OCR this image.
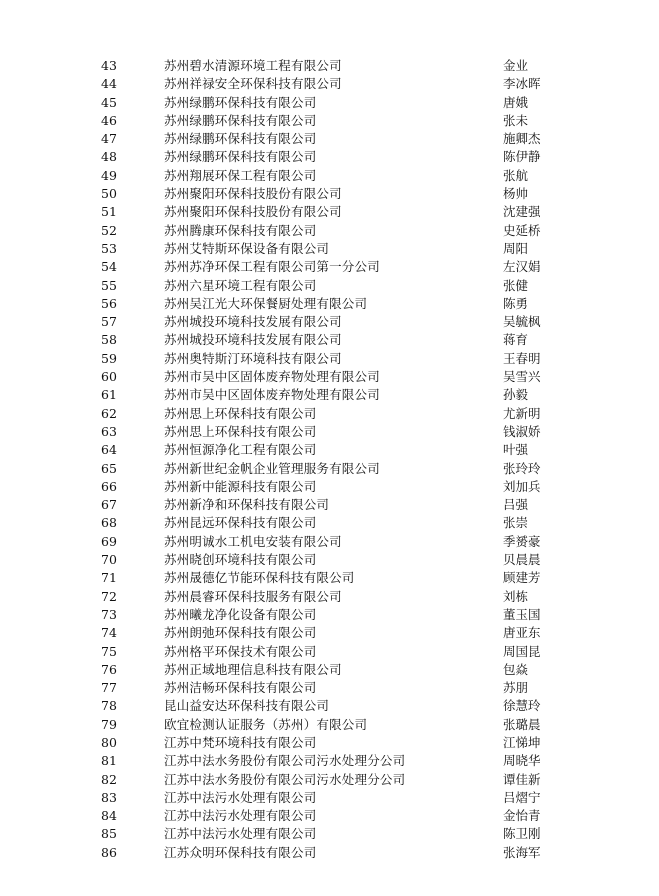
43	苏州碧水清源环境工程有限公司	金业
44	苏州祥禄安全环保科技有限公司	李冰晖
45	苏州绿鹏环保科技有限公司	唐娥
46	苏州绿鹏环保科技有限公司	张未
47	苏州绿鹏环保科技有限公司	施卿杰
48	苏州绿鹏环保科技有限公司	陈伊静
49	苏州翔展环保工程有限公司	张航
50	苏州聚阳环保科技股份有限公司	杨帅
51	苏州聚阳环保科技股份有限公司	沈建强
52	苏州腾康环保科技有限公司	史延桥
53	苏州艾特斯环保设备有限公司	周阳
54	苏州苏净环保工程有限公司第一分公司	左汉娟
55	苏州六星环境工程有限公司	张健
56	苏州吴江光大环保餐厨处理有限公司	陈勇
57	苏州城投环境科技发展有限公司	吴毓枫
58	苏州城投环境科技发展有限公司	蒋育
59	苏州奥特斯汀环境科技有限公司	王春明
60	苏州市吴中区固体废弃物处理有限公司	吴雪兴
61	苏州市吴中区固体废弃物处理有限公司	孙毅
62	苏州思上环保科技有限公司	尤新明
63	苏州思上环保科技有限公司	钱淑娇
64	苏州恒源净化工程有限公司	叶强
65	苏州新世纪金帆企业管理服务有限公司	张玲玲
66	苏州新中能源科技有限公司	刘加兵
67	苏州新净和环保科技有限公司	吕强
68	苏州昆远环保科技有限公司	张崇
69	苏州明诚水工机电安装有限公司	季赟豪
70	苏州晓创环境科技有限公司	贝晨晨
71	苏州晟德亿节能环保科技有限公司	顾建芳
72	苏州晨睿环保科技服务有限公司	刘栋
73	苏州曦龙净化设备有限公司	董玉国
74	苏州朗弛环保科技有限公司	唐亚东
75	苏州格平环保技术有限公司	周国昆
76	苏州正域地理信息科技有限公司	包焱
77	苏州洁畅环保科技有限公司	苏朋
78	昆山益安达环保科技有限公司	徐慧玲
79	欧宜检测认证服务（苏州）有限公司	张璐晨
80	江苏中梵环境科技有限公司	江悌坤
81	江苏中法水务股份有限公司污水处理分公司	周晓华
82	江苏中法水务股份有限公司污水处理分公司	谭佳新
83	江苏中法污水处理有限公司	吕熠宁
84	江苏中法污水处理有限公司	金怡青
85	江苏中法污水处理有限公司	陈卫刚
86	江苏众明环保科技有限公司	张海军
